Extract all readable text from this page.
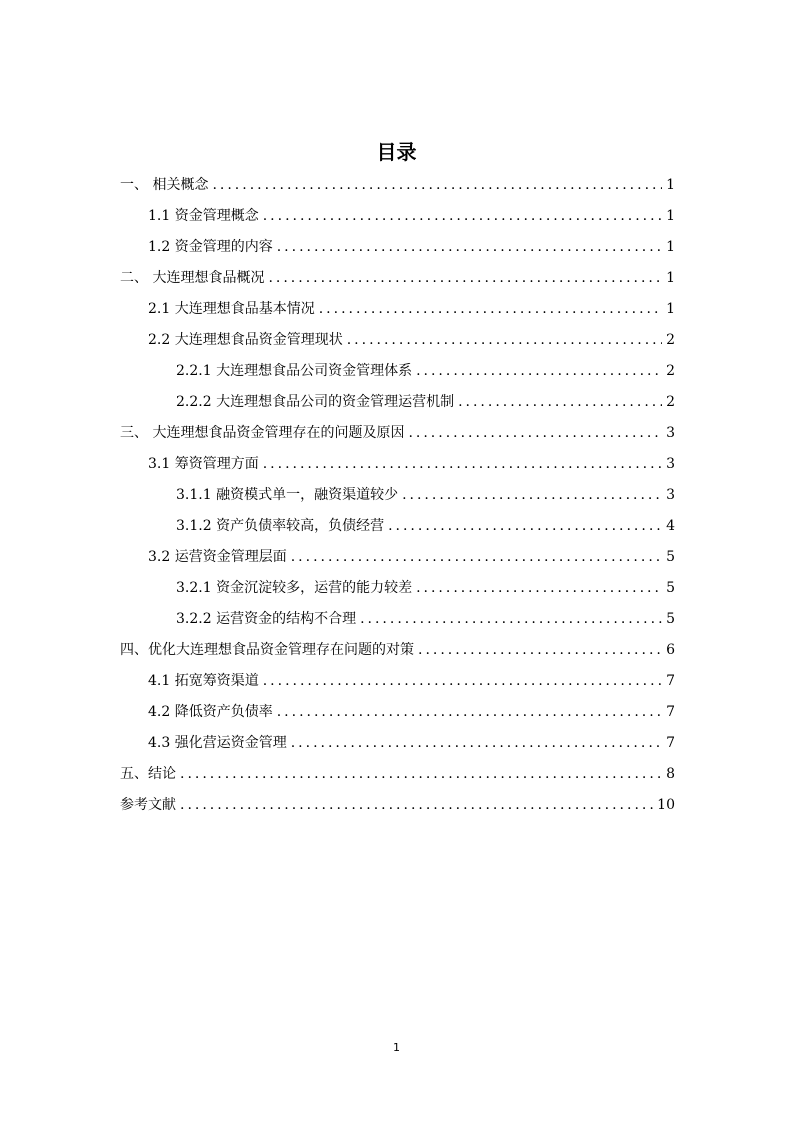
目录
一、 相关概念 .....	1
1.1 资金管理概念 .....	1
1.2 资金管理的内容 .....	1
二、 大连理想食品概况 .....	1
2.1 大连理想食品基本情况 .....	1
2.2 大连理想食品资金管理现状 .....	2
2.2.1 大连理想食品公司资金管理体系 .....	2
2.2.2 大连理想食品公司的资金管理运营机制 .....	2
三、 大连理想食品资金管理存在的问题及原因 .....	3
3.1 筹资管理方面 .....	3
3.1.1 融资模式单一，融资渠道较少 .....	3
3.1.2 资产负债率较高，负债经营 .....	4
3.2 运营资金管理层面 .....	5
3.2.1 资金沉淀较多，运营的能力较差 .....	5
3.2.2 运营资金的结构不合理 .....	5
四、优化大连理想食品资金管理存在问题的对策 .....	6
4.1 拓宽筹资渠道 .....	7
4.2 降低资产负债率 .....	7
4.3 强化营运资金管理 .....	7
五、结论 .....	8
参考文献 .....	10
1
